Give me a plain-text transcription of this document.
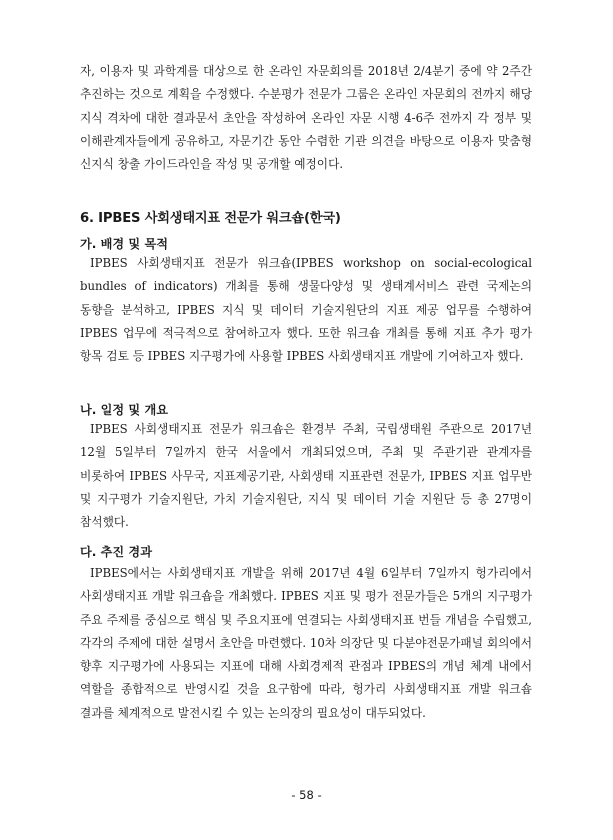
자, 이용자 및 과학계를 대상으로 한 온라인 자문회의를 2018년 2/4분기 중에 약 2주간 추진하는 것으로 계획을 수정했다. 수분평가 전문가 그룹은 온라인 자문회의 전까지 해당 지식 격차에 대한 결과문서 초안을 작성하여 온라인 자문 시행 4-6주 전까지 각 정부 및 이해관계자들에게 공유하고, 자문기간 동안 수렴한 기관 의견을 바탕으로 이용자 맞춤형 신지식 창출 가이드라인을 작성 및 공개할 예정이다.

6. IPBES 사회생태지표 전문가 워크숍(한국)
가. 배경 및 목적

IPBES 사회생태지표 전문가 워크숍(IPBES workshop on social-ecological bundles of indicators) 개최를 통해 생물다양성 및 생태계서비스 관련 국제논의 동향을 분석하고, IPBES 지식 및 데이터 기술지원단의 지표 제공 업무를 수행하여 IPBES 업무에 적극적으로 참여하고자 했다. 또한 워크숍 개최를 통해 지표 추가 평가 항목 검토 등 IPBES 지구평가에 사용할 IPBES 사회생태지표 개발에 기여하고자 했다.

나. 일정 및 개요

IPBES 사회생태지표 전문가 워크숍은 환경부 주최, 국립생태원 주관으로 2017년 12월 5일부터 7일까지 한국 서울에서 개최되었으며, 주최 및 주관기관 관계자를 비롯하여 IPBES 사무국, 지표제공기관, 사회생태 지표관련 전문가, IPBES 지표 업무반 및 지구평가 기술지원단, 가치 기술지원단, 지식 및 데이터 기술 지원단 등 총 27명이 참석했다.

다. 추진 경과

IPBES에서는 사회생태지표 개발을 위해 2017년 4월 6일부터 7일까지 헝가리에서 사회생태지표 개발 워크숍을 개최했다. IPBES 지표 및 평가 전문가들은 5개의 지구평가 주요 주제를 중심으로 핵심 및 주요지표에 연결되는 사회생태지표 번들 개념을 수립했고, 각각의 주제에 대한 설명서 초안을 마련했다. 10차 의장단 및 다분야전문가패널 회의에서 향후 지구평가에 사용되는 지표에 대해 사회경제적 관점과 IPBES의 개념 체계 내에서 역할을 종합적으로 반영시킬 것을 요구함에 따라, 헝가리 사회생태지표 개발 워크숍 결과를 체계적으로 발전시킬 수 있는 논의장의 필요성이 대두되었다.

- 58 -
